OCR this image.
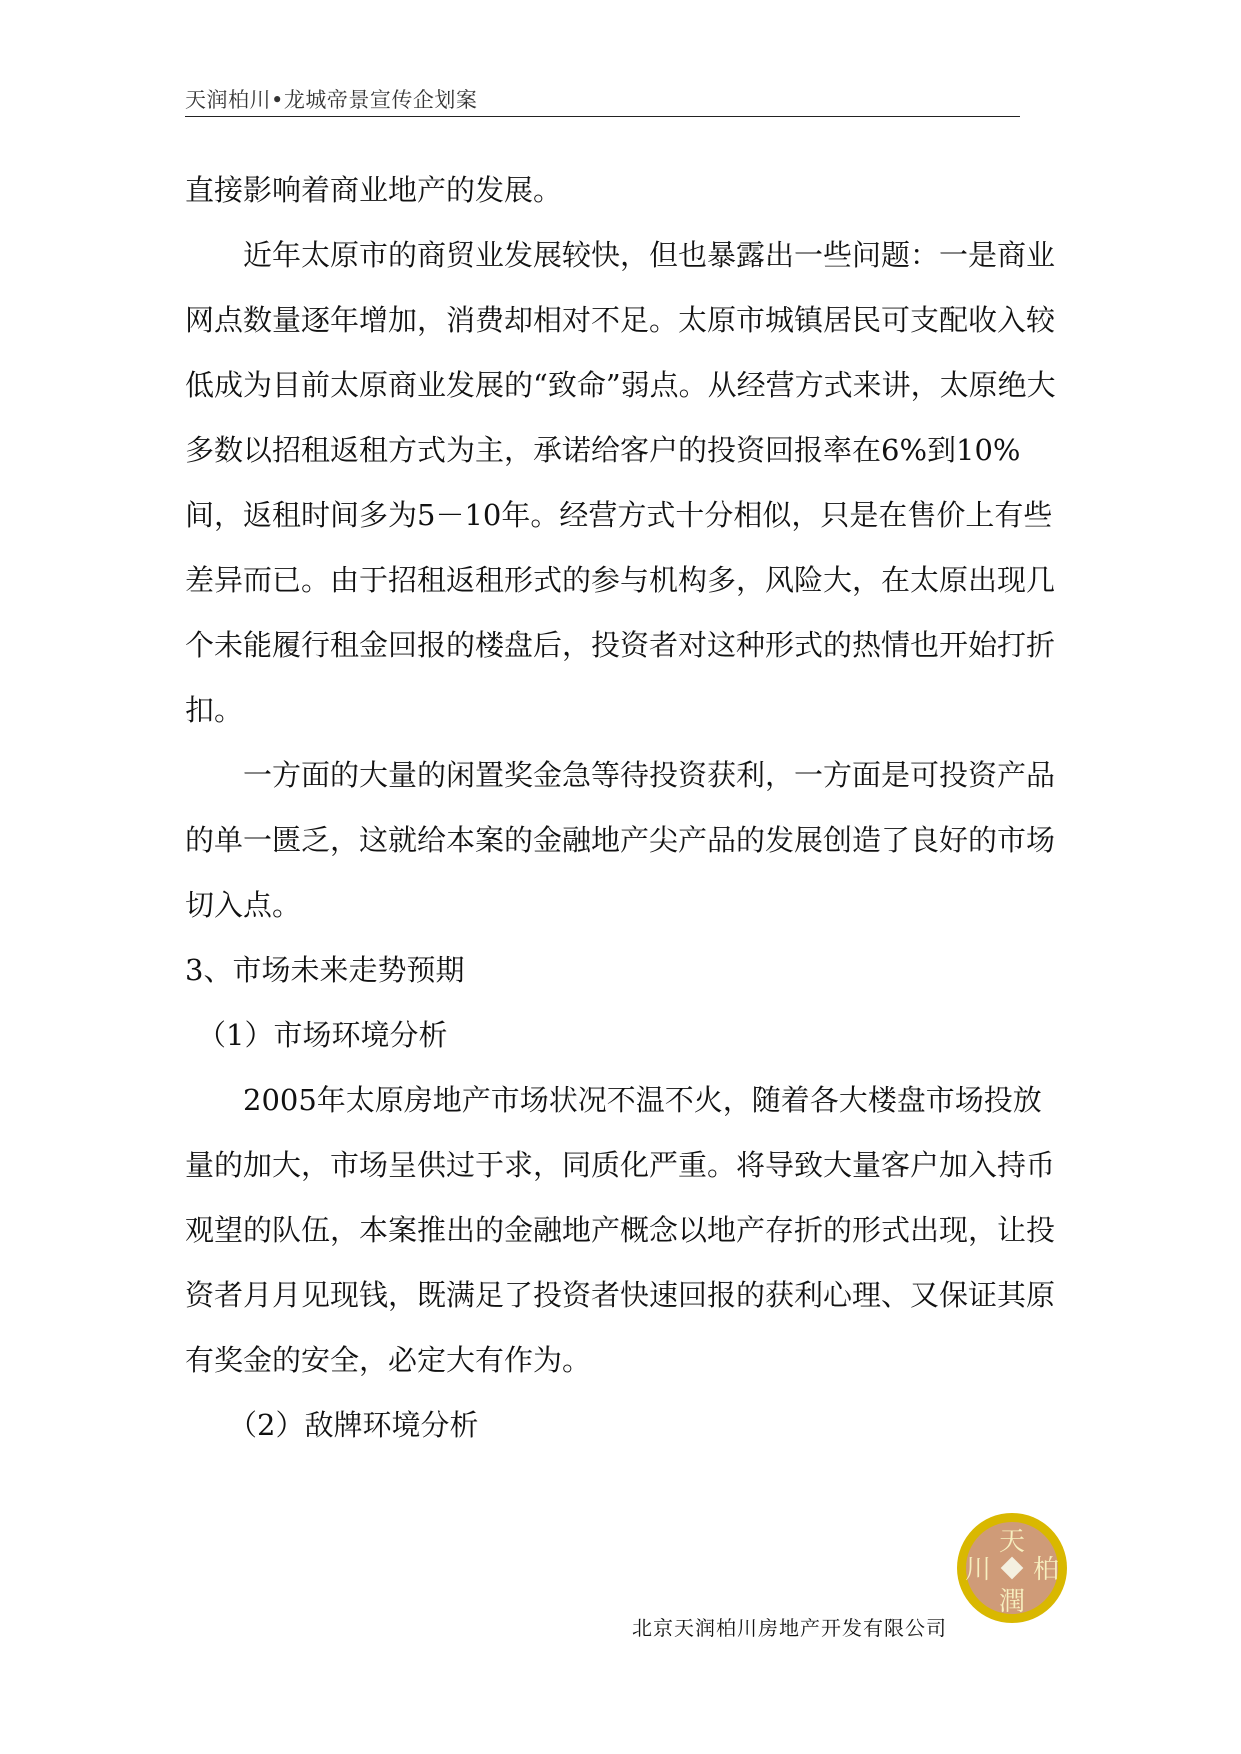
天润柏川•龙城帝景宣传企划案

直接影响着商业地产的发展。

近年太原市的商贸业发展较快，但也暴露出一些问题：一是商业网点数量逐年增加，消费却相对不足。太原市城镇居民可支配收入较低成为目前太原商业发展的“致命”弱点。从经营方式来讲，太原绝大多数以招租返租方式为主，承诺给客户的投资回报率在6%到10%间，返租时间多为5－10年。经营方式十分相似，只是在售价上有些差异而已。由于招租返租形式的参与机构多，风险大，在太原出现几个未能履行租金回报的楼盘后，投资者对这种形式的热情也开始打折扣。

一方面的大量的闲置奖金急等待投资获利，一方面是可投资产品的单一匮乏，这就给本案的金融地产尖产品的发展创造了良好的市场切入点。

3、市场未来走势预期

（1）市场环境分析

2005年太原房地产市场状况不温不火，随着各大楼盘市场投放量的加大，市场呈供过于求，同质化严重。将导致大量客户加入持币观望的队伍，本案推出的金融地产概念以地产存折的形式出现，让投资者月月见现钱，既满足了投资者快速回报的获利心理、又保证其原有奖金的安全，必定大有作为。

（2）敌牌环境分析

北京天润柏川房地产开发有限公司
天
川 柏
潤
